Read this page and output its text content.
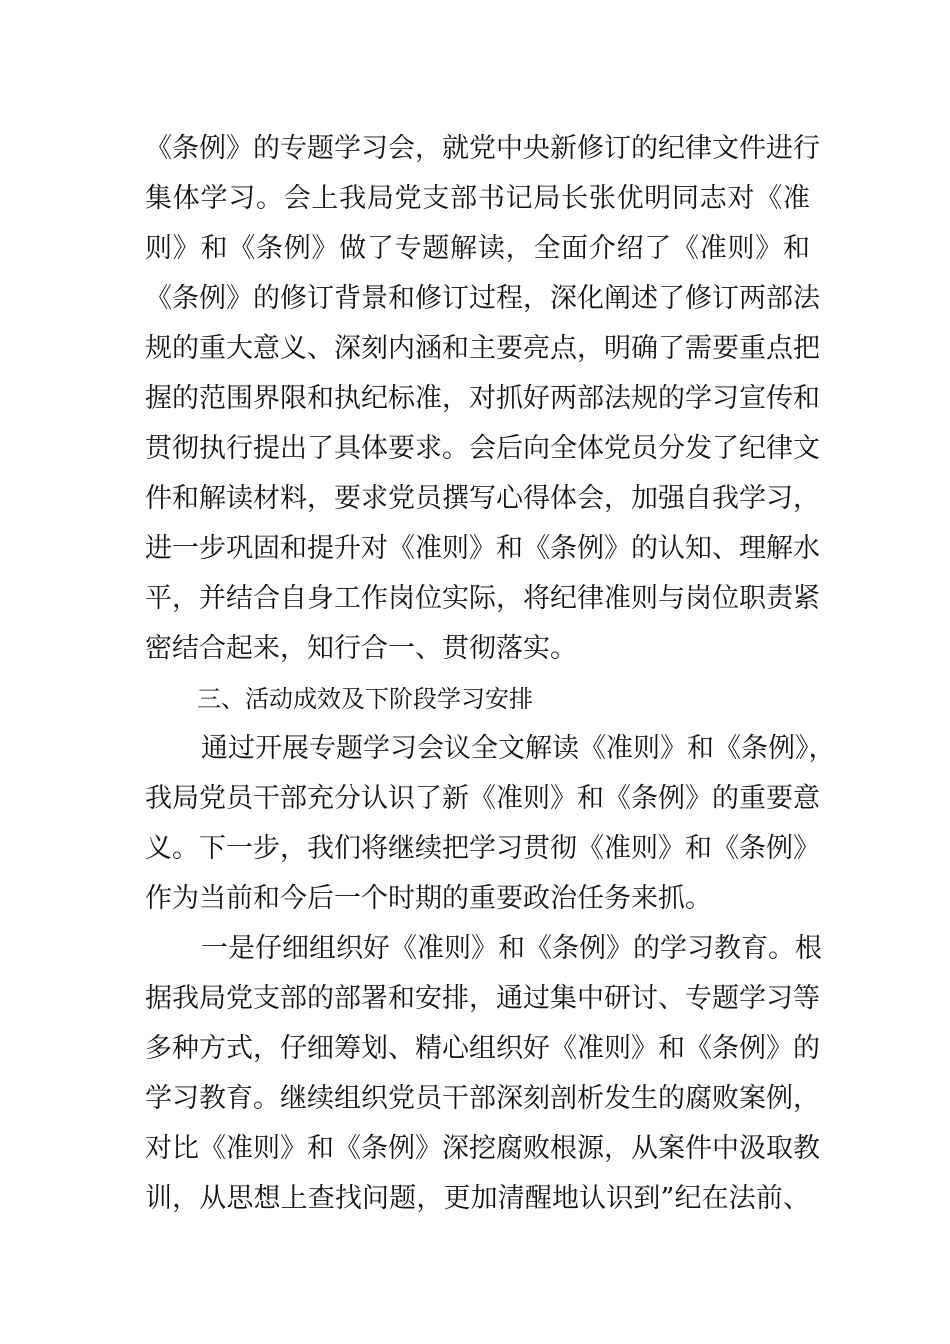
《条例》的专题学习会，就党中央新修订的纪律文件进行
集体学习。会上我局党支部书记局长张优明同志对《准
则》和《条例》做了专题解读，全面介绍了《准则》和
《条例》的修订背景和修订过程，深化阐述了修订两部法
规的重大意义、深刻内涵和主要亮点，明确了需要重点把
握的范围界限和执纪标准，对抓好两部法规的学习宣传和
贯彻执行提出了具体要求。会后向全体党员分发了纪律文
件和解读材料，要求党员撰写心得体会，加强自我学习，
进一步巩固和提升对《准则》和《条例》的认知、理解水
平，并结合自身工作岗位实际，将纪律准则与岗位职责紧
密结合起来，知行合一、贯彻落实。
三、活动成效及下阶段学习安排
通过开展专题学习会议全文解读《准则》和《条例》，
我局党员干部充分认识了新《准则》和《条例》的重要意
义。下一步，我们将继续把学习贯彻《准则》和《条例》
作为当前和今后一个时期的重要政治任务来抓。
一是仔细组织好《准则》和《条例》的学习教育。根
据我局党支部的部署和安排，通过集中研讨、专题学习等
多种方式，仔细筹划、精心组织好《准则》和《条例》的
学习教育。继续组织党员干部深刻剖析发生的腐败案例，
对比《准则》和《条例》深挖腐败根源，从案件中汲取教
训，从思想上查找问题，更加清醒地认识到”纪在法前、
